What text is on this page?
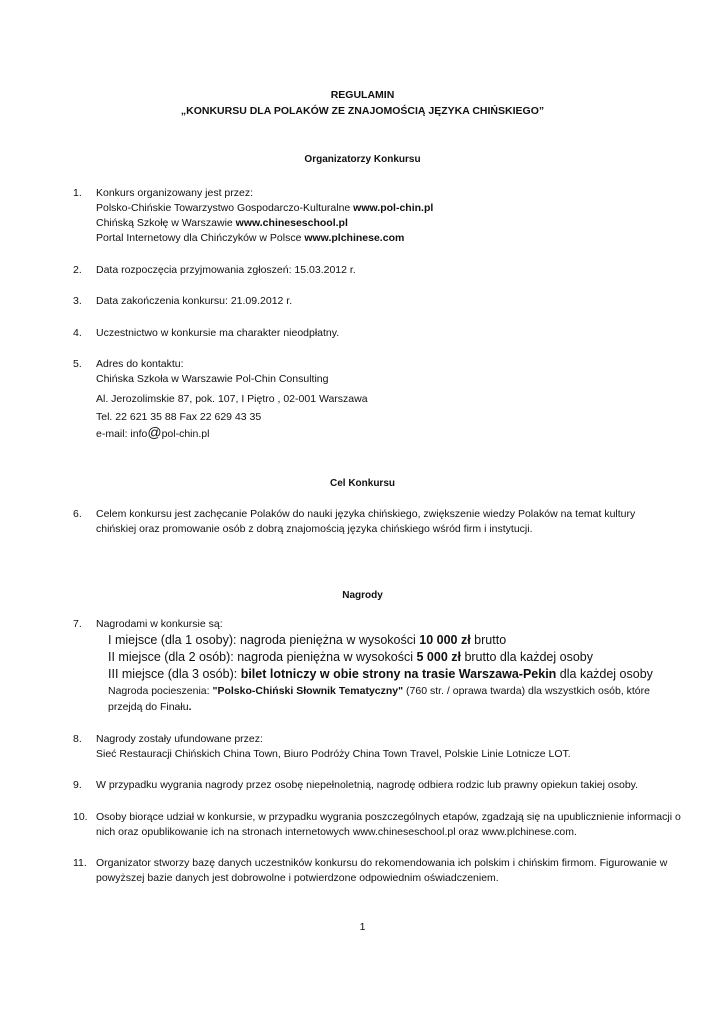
REGULAMIN
„KONKURSU DLA POLAKÓW ZE ZNAJOMOŚCIĄ JĘZYKA CHIŃSKIEGO”
Organizatorzy Konkursu
1.	Konkurs organizowany jest przez:
Polsko-Chińskie Towarzystwo Gospodarczo-Kulturalne www.pol-chin.pl
Chińską Szkołę w Warszawie www.chineseschool.pl
Portal Internetowy dla Chińczyków w Polsce www.plchinese.com
2.	Data rozpoczęcia przyjmowania zgłoszeń: 15.03.2012 r.
3.	Data zakończenia konkursu: 21.09.2012 r.
4.	Uczestnictwo w konkursie ma charakter nieodpłatny.
5.	Adres do kontaktu:
Chińska Szkoła w Warszawie Pol-Chin Consulting
Al. Jerozolimskie 87, pok. 107, I Piętro , 02-001 Warszawa
Tel. 22 621 35 88 Fax 22 629 43 35
e-mail: info@pol-chin.pl
Cel Konkursu
6.	Celem konkursu jest zachęcanie Polaków do nauki języka chińskiego, zwiększenie wiedzy Polaków na temat kultury chińskiej oraz promowanie osób z dobrą znajomością języka chińskiego wśród firm i instytucji.
Nagrody
7.	Nagrodami w konkursie są:
I miejsce (dla 1 osoby): nagroda pieniężna w wysokości 10 000 zł brutto
II miejsce (dla 2 osób): nagroda pieniężna w wysokości 5 000 zł brutto dla każdej osoby
III miejsce (dla 3 osób): bilet lotniczy w obie strony na trasie Warszawa-Pekin dla każdej osoby
Nagroda pocieszenia: "Polsko-Chiński Słownik Tematyczny" (760 str. / oprawa twarda) dla wszystkich osób, które
przejdą do Finału.
8.	Nagrody zostały ufundowane przez:
Sieć Restauracji Chińskich China Town, Biuro Podróży China Town Travel, Polskie Linie Lotnicze LOT.
9.	W przypadku wygrania nagrody przez osobę niepełnoletnią, nagrodę odbiera rodzic lub prawny opiekun takiej osoby.
10. Osoby biorące udział w konkursie, w przypadku wygrania poszczególnych etapów, zgadzają się na upublicznienie informacji o
nich oraz opublikowanie ich na stronach internetowych www.chineseschool.pl oraz www.plchinese.com.
11. Organizator stworzy bazę danych uczestników konkursu do rekomendowania ich polskim i chińskim firmom. Figurowanie w
powyższej bazie danych jest dobrowolne i potwierdzone odpowiednim oświadczeniem.
1
